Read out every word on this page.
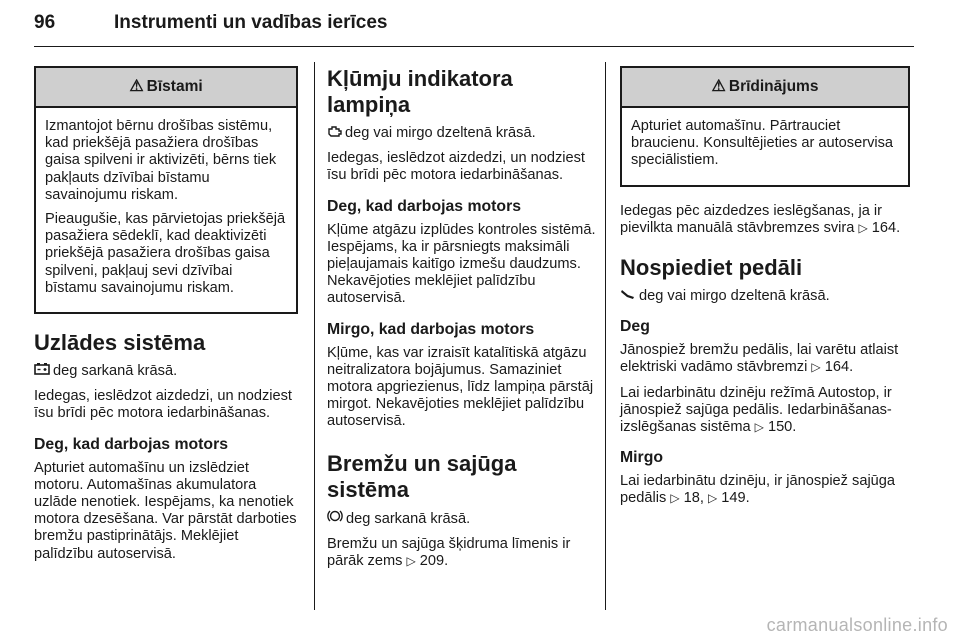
96	Instrumenti un vadības ierīces
⚠ Bīstami

Izmantojot bērnu drošības sistēmu, kad priekšējā pasažiera drošības gaisa spilveni ir aktivizēti, bērns tiek pakļauts dzīvībai bīstamu savainojumu riskam.

Pieaugušie, kas pārvietojas priekšējā pasažiera sēdeklī, kad deaktivizēti priekšējā pasažiera drošības gaisa spilveni, pakļauj sevi dzīvībai bīstamu savainojumu riskam.

Uzlādes sistēma

deg sarkanā krāsā.

Iedegas, ieslēdzot aizdedzi, un nodziest īsu brīdi pēc motora iedarbināšanas.

Deg, kad darbojas motors

Apturiet automašīnu un izslēdziet motoru. Automašīnas akumulatora uzlāde nenotiek. Iespējams, ka nenotiek motora dzesēšana. Var pārstāt darboties bremžu pastiprinātājs. Meklējiet palīdzību autoservisā.

Kļūmju indikatora lampiņa

deg vai mirgo dzeltenā krāsā.

Iedegas, ieslēdzot aizdedzi, un nodziest īsu brīdi pēc motora iedarbināšanas.

Deg, kad darbojas motors

Kļūme atgāzu izplūdes kontroles sistēmā. Iespējams, ka ir pārsniegts maksimāli pieļaujamais kaitīgo izmešu daudzums. Nekavējoties meklējiet palīdzību autoservisā.

Mirgo, kad darbojas motors

Kļūme, kas var izraisīt katalītiskā atgāzu neitralizatora bojājumus. Samaziniet motora apgriezienus, līdz lampiņa pārstāj mirgot. Nekavējoties meklējiet palīdzību autoservisā.

Bremžu un sajūga sistēma

deg sarkanā krāsā.

Bremžu un sajūga šķidruma līmenis ir pārāk zems ▷ 209.

⚠ Brīdinājums

Apturiet automašīnu. Pārtrauciet braucienu. Konsultējieties ar autoservisa speciālistiem.

Iedegas pēc aizdedzes ieslēgšanas, ja ir pievilkta manuālā stāvbremzes svira ▷ 164.

Nospiediet pedāli

deg vai mirgo dzeltenā krāsā.

Deg

Jānospiež bremžu pedālis, lai varētu atlaist elektriski vadāmo stāvbremzi ▷ 164.

Lai iedarbinātu dzinēju režīmā Autostop, ir jānospiež sajūga pedālis. Iedarbināšanas-izslēgšanas sistēma ▷ 150.

Mirgo

Lai iedarbinātu dzinēju, ir jānospiež sajūga pedālis ▷ 18, ▷ 149.

carmanualsonline.info
